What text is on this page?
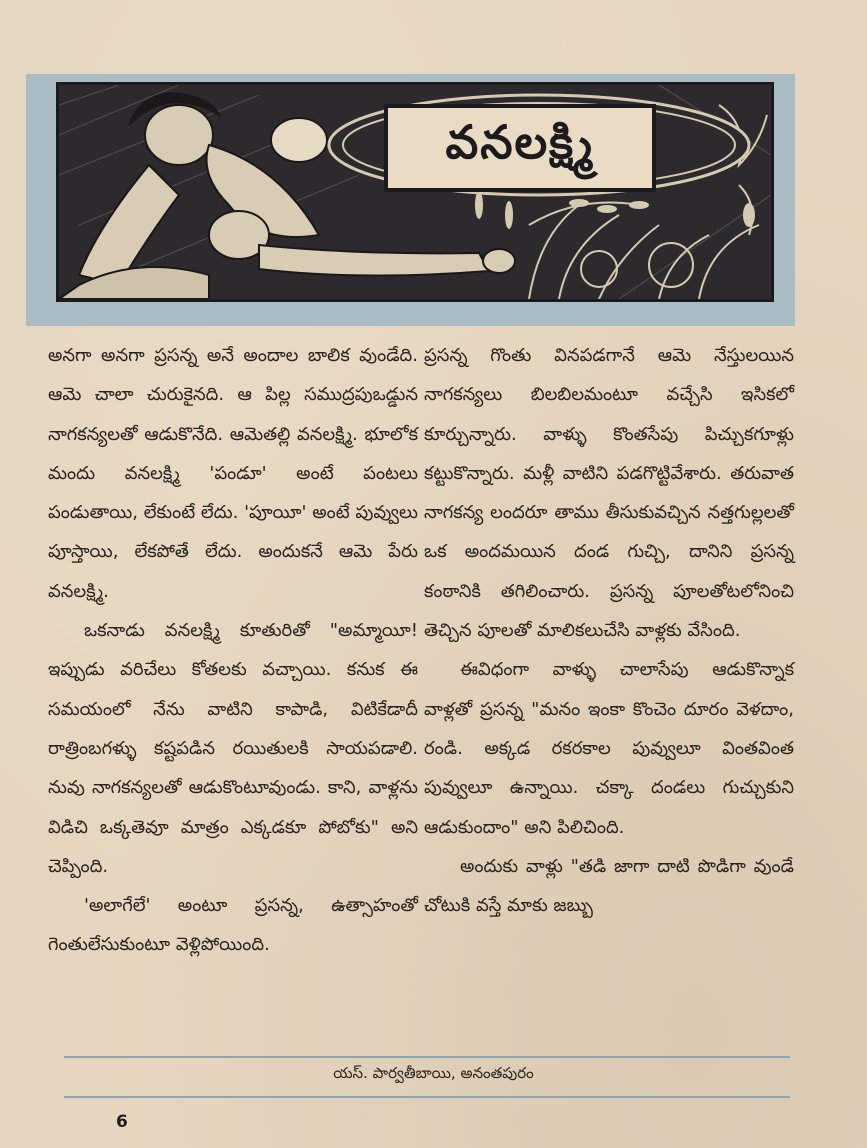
వనలక్ష్మి

అనగా అనగా ప్రసన్న అనే అందాల బాలిక వుండేది. ఆమె చాలా చురుకైనది. ఆ పిల్ల సముద్రపుఒడ్డున నాగకన్యలతో ఆడుకొనేది. ఆమెతల్లి వనలక్ష్మి. భూలోక మందు వనలక్ష్మి 'పండూ' అంటే పంటలు పండుతాయి, లేకుంటే లేదు. 'పూయీ' అంటే పువ్వులు పూస్తాయి, లేకపోతే లేదు. అందుకనే ఆమె పేరు వనలక్ష్మి.

ఒకనాడు వనలక్ష్మి కూతురితో "అమ్మాయీ! ఇప్పుడు వరిచేలు కోతలకు వచ్చాయి. కనుక ఈ సమయంలో నేను వాటిని కాపాడి, విటికేడాదీ రాత్రింబగళ్ళు కష్టపడిన రయితులకి సాయపడాలి. నువు నాగకన్యలతో ఆడుకొంటూవుండు. కాని, వాళ్లను విడిచి ఒక్కతెవూ మాత్రం ఎక్కడకూ పోబోకు" అని చెప్పింది.

'అలాగేలే' అంటూ ప్రసన్న, ఉత్సాహంతో గెంతులేసుకుంటూ వెళ్లిపోయింది.

ప్రసన్న గొంతు వినపడగానే ఆమె నేస్తులయిన నాగకన్యలు బిలబిలమంటూ వచ్చేసి ఇసికలో కూర్చున్నారు. వాళ్ళు కొంతసేపు పిచ్చుకగూళ్లు కట్టుకొన్నారు. మళ్లీ వాటిని పడగొట్టివేశారు. తరువాత నాగకన్య లందరూ తాము తీసుకువచ్చిన నత్తగుల్లలతో ఒక అందమయిన దండ గుచ్చి, దానిని ప్రసన్న కంఠానికి తగిలించారు. ప్రసన్న పూలతోటలోనించి తెచ్చిన పూలతో మాలికలుచేసి వాళ్లకు వేసింది.

ఈవిధంగా వాళ్ళు చాలాసేపు ఆడుకొన్నాక వాళ్లతో ప్రసన్న "మనం ఇంకా కొంచెం దూరం వెళదాం, రండి. అక్కడ రకరకాల పువ్వులూ వింతవింత పువ్వులూ ఉన్నాయి. చక్కా దండలు గుచ్చుకుని ఆడుకుందాం" అని పిలిచింది.

అందుకు వాళ్లు "తడి జాగా దాటి పొడిగా వుండే చోటుకి వస్తే మాకు జబ్బు

యస్. పార్వతీబాయి, అనంతపురం
6
